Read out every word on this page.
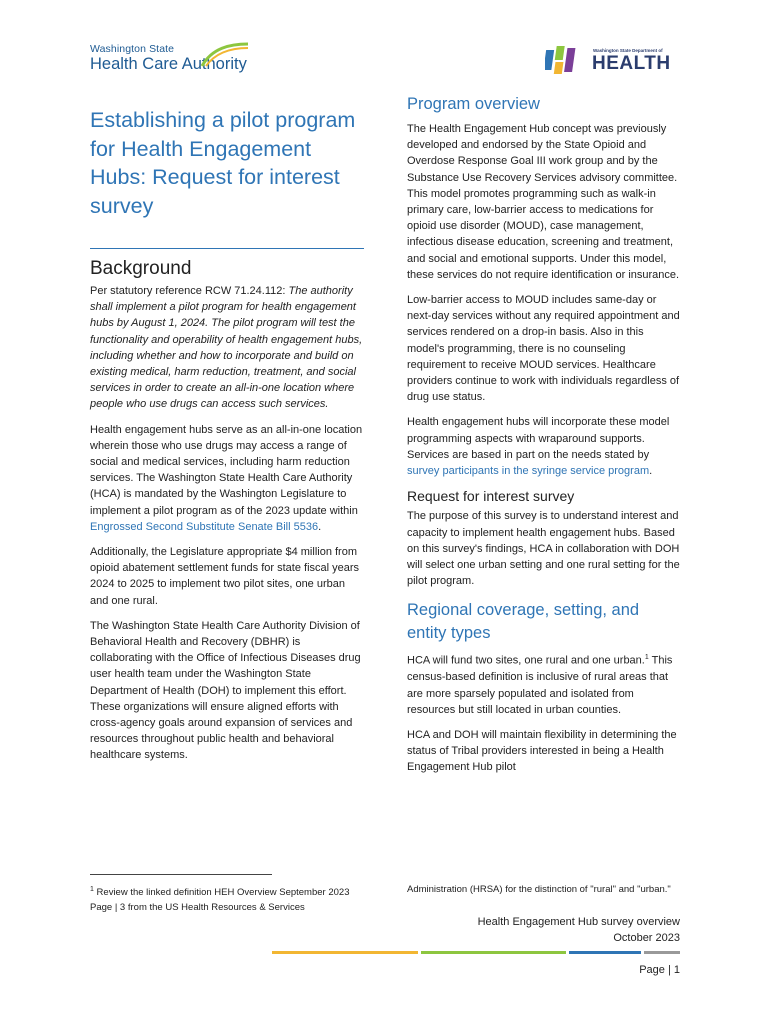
Washington State
Health Care Authority
Washington State Department of
HEALTH
Establishing a pilot program for Health Engagement Hubs: Request for interest survey
Background

Per statutory reference RCW 71.24.112: The authority shall implement a pilot program for health engagement hubs by August 1, 2024. The pilot program will test the functionality and operability of health engagement hubs, including whether and how to incorporate and build on existing medical, harm reduction, treatment, and social services in order to create an all-in-one location where people who use drugs can access such services.

Health engagement hubs serve as an all-in-one location wherein those who use drugs may access a range of social and medical services, including harm reduction services. The Washington State Health Care Authority (HCA) is mandated by the Washington Legislature to implement a pilot program as of the 2023 update within Engrossed Second Substitute Senate Bill 5536.

Additionally, the Legislature appropriate $4 million from opioid abatement settlement funds for state fiscal years 2024 to 2025 to implement two pilot sites, one urban and one rural.

The Washington State Health Care Authority Division of Behavioral Health and Recovery (DBHR) is collaborating with the Office of Infectious Diseases drug user health team under the Washington State Department of Health (DOH) to implement this effort. These organizations will ensure aligned efforts with cross-agency goals around expansion of services and resources throughout public health and behavioral healthcare systems.

Program overview

The Health Engagement Hub concept was previously developed and endorsed by the State Opioid and Overdose Response Goal III work group and by the Substance Use Recovery Services advisory committee. This model promotes programming such as walk-in primary care, low-barrier access to medications for opioid use disorder (MOUD), case management, infectious disease education, screening and treatment, and social and emotional supports. Under this model, these services do not require identification or insurance.

Low-barrier access to MOUD includes same-day or next-day services without any required appointment and services rendered on a drop-in basis. Also in this model's programming, there is no counseling requirement to receive MOUD services. Healthcare providers continue to work with individuals regardless of drug use status.

Health engagement hubs will incorporate these model programming aspects with wraparound supports. Services are based in part on the needs stated by survey participants in the syringe service program.

Request for interest survey

The purpose of this survey is to understand interest and capacity to implement health engagement hubs. Based on this survey's findings, HCA in collaboration with DOH will select one urban setting and one rural setting for the pilot program.

Regional coverage, setting, and entity types

HCA will fund two sites, one rural and one urban.$^1$ This census-based definition is inclusive of rural areas that are more sparsely populated and isolated from resources but still located in urban counties.

HCA and DOH will maintain flexibility in determining the status of Tribal providers interested in being a Health Engagement Hub pilot

$^1$ Review the linked definition HEH Overview September 2023 Page | 3 from the US Health Resources & Services
Administration (HRSA) for the distinction of "rural" and "urban."
Health Engagement Hub survey overview
October 2023
Page | 1
